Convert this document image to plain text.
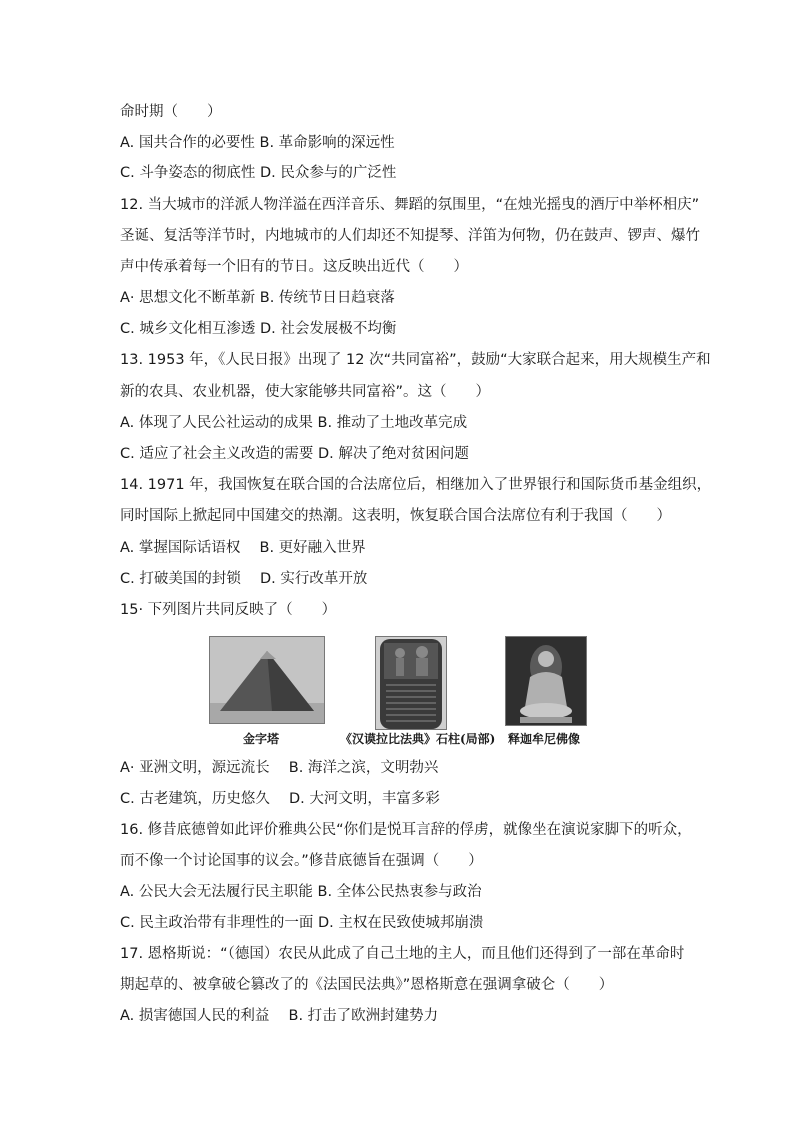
命时期（　　）
A. 国共合作的必要性 B. 革命影响的深远性
C. 斗争姿态的彻底性 D. 民众参与的广泛性
12. 当大城市的洋派人物洋溢在西洋音乐、舞蹈的氛围里，“在烛光摇曳的酒厅中举杯相庆”
圣诞、复活等洋节时，内地城市的人们却还不知提琴、洋笛为何物，仍在鼓声、锣声、爆竹
声中传承着每一个旧有的节日。这反映出近代（　　）
A· 思想文化不断革新 B. 传统节日日趋衰落
C. 城乡文化相互渗透 D. 社会发展极不均衡
13. 1953 年，《人民日报》出现了 12 次“共同富裕”，鼓励“大家联合起来，用大规模生产和
新的农具、农业机器，使大家能够共同富裕”。这（　　）
A. 体现了人民公社运动的成果 B. 推动了土地改革完成
C. 适应了社会主义改造的需要 D. 解决了绝对贫困问题
14. 1971 年，我国恢复在联合国的合法席位后，相继加入了世界银行和国际货币基金组织，
同时国际上掀起同中国建交的热潮。这表明，恢复联合国合法席位有利于我国（　　）
A. 掌握国际话语权　 B. 更好融入世界
C. 打破美国的封锁　 D. 实行改革开放
15· 下列图片共同反映了（　　）
金字塔	《汉谟拉比法典》石柱(局部) 释迦牟尼佛像
A· 亚洲文明，源远流长　 B. 海洋之滨，文明勃兴
C. 古老建筑，历史悠久　 D. 大河文明，丰富多彩
16. 修昔底德曾如此评价雅典公民“你们是悦耳言辞的俘虏，就像坐在演说家脚下的听众，
而不像一个讨论国事的议会。”修昔底德旨在强调（　　）
A. 公民大会无法履行民主职能 B. 全体公民热衷参与政治
C. 民主政治带有非理性的一面 D. 主权在民致使城邦崩溃
17. 恩格斯说：“（德国）农民从此成了自己土地的主人，而且他们还得到了一部在革命时
期起草的、被拿破仑篡改了的《法国民法典》”恩格斯意在强调拿破仑（　　）
A. 损害德国人民的利益　 B. 打击了欧洲封建势力
